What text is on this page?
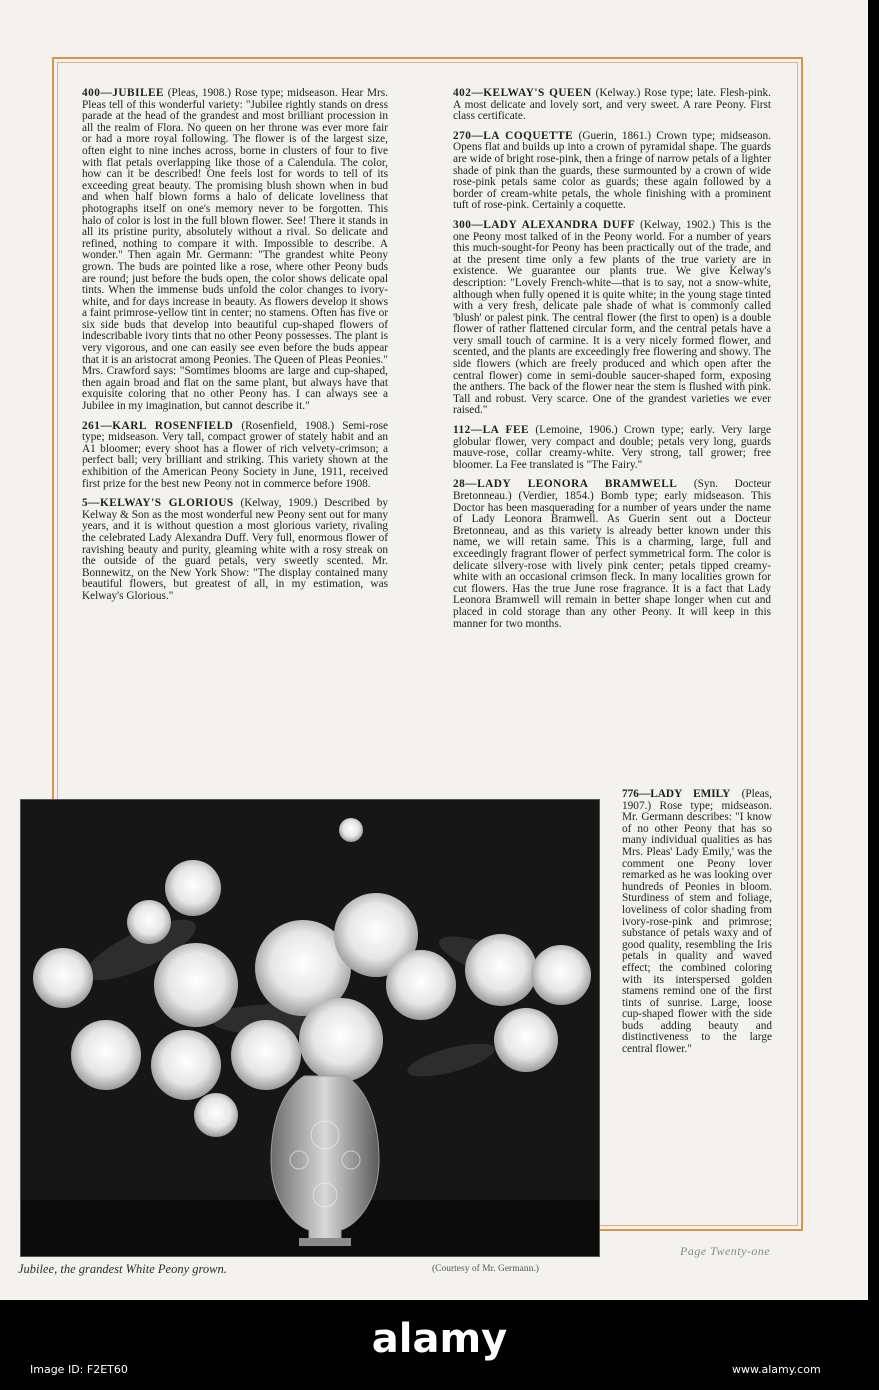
400—JUBILEE (Pleas, 1908.) Rose type; midseason. Hear Mrs. Pleas tell of this wonderful variety: "Jubilee rightly stands on dress parade at the head of the grandest and most brilliant procession in all the realm of Flora. No queen on her throne was ever more fair or had a more royal following. The flower is of the largest size, often eight to nine inches across, borne in clusters of four to five with flat petals overlapping like those of a Calendula. The color, how can it be described! One feels lost for words to tell of its exceeding great beauty. The promising blush shown when in bud and when half blown forms a halo of delicate loveliness that photographs itself on one's memory never to be forgotten. This halo of color is lost in the full blown flower. See! There it stands in all its pristine purity, absolutely without a rival. So delicate and refined, nothing to compare it with. Impossible to describe. A wonder." Then again Mr. Germann: "The grandest white Peony grown. The buds are pointed like a rose, where other Peony buds are round; just before the buds open, the color shows delicate opal tints. When the immense buds unfold the color changes to ivory-white, and for days increase in beauty. As flowers develop it shows a faint primrose-yellow tint in center; no stamens. Often has five or six side buds that develop into beautiful cup-shaped flowers of indescribable ivory tints that no other Peony possesses. The plant is very vigorous, and one can easily see even before the buds appear that it is an aristocrat among Peonies. The Queen of Pleas Peonies." Mrs. Crawford says: "Somtimes blooms are large and cup-shaped, then again broad and flat on the same plant, but always have that exquisite coloring that no other Peony has. I can always see a Jubilee in my imagination, but cannot describe it."

261—KARL ROSENFIELD (Rosenfield, 1908.) Semi-rose type; midseason. Very tall, compact grower of stately habit and an A1 bloomer; every shoot has a flower of rich velvety-crimson; a perfect ball; very brilliant and striking. This variety shown at the exhibition of the American Peony Society in June, 1911, received first prize for the best new Peony not in commerce before 1908.

5—KELWAY'S GLORIOUS (Kelway, 1909.) Described by Kelway & Son as the most wonderful new Peony sent out for many years, and it is without question a most glorious variety, rivaling the celebrated Lady Alexandra Duff. Very full, enormous flower of ravishing beauty and purity, gleaming white with a rosy streak on the outside of the guard petals, very sweetly scented. Mr. Bonnewitz, on the New York Show: "The display contained many beautiful flowers, but greatest of all, in my estimation, was Kelway's Glorious."

402—KELWAY'S QUEEN (Kelway.) Rose type; late. Flesh-pink. A most delicate and lovely sort, and very sweet. A rare Peony. First class certificate.

270—LA COQUETTE (Guerin, 1861.) Crown type; midseason. Opens flat and builds up into a crown of pyramidal shape. The guards are wide of bright rose-pink, then a fringe of narrow petals of a lighter shade of pink than the guards, these surmounted by a crown of wide rose-pink petals same color as guards; these again followed by a border of cream-white petals, the whole finishing with a prominent tuft of rose-pink. Certainly a coquette.

300—LADY ALEXANDRA DUFF (Kelway, 1902.) This is the one Peony most talked of in the Peony world. For a number of years this much-sought-for Peony has been practically out of the trade, and at the present time only a few plants of the true variety are in existence. We guarantee our plants true. We give Kelway's description: "Lovely French-white—that is to say, not a snow-white, although when fully opened it is quite white; in the young stage tinted with a very fresh, delicate pale shade of what is commonly called 'blush' or palest pink. The central flower (the first to open) is a double flower of rather flattened circular form, and the central petals have a very small touch of carmine. It is a very nicely formed flower, and scented, and the plants are exceedingly free flowering and showy. The side flowers (which are freely produced and which open after the central flower) come in semi-double saucer-shaped form, exposing the anthers. The back of the flower near the stem is flushed with pink. Tall and robust. Very scarce. One of the grandest varieties we ever raised."

112—LA FEE (Lemoine, 1906.) Crown type; early. Very large globular flower, very compact and double; petals very long, guards mauve-rose, collar creamy-white. Very strong, tall grower; free bloomer. La Fee translated is "The Fairy."

28—LADY LEONORA BRAMWELL (Syn. Docteur Bretonneau.) (Verdier, 1854.) Bomb type; early midseason. This Doctor has been masquerading for a number of years under the name of Lady Leonora Bramwell. As Guerin sent out a Docteur Bretonneau, and as this variety is already better known under this name, we will retain same. This is a charming, large, full and exceedingly fragrant flower of perfect symmetrical form. The color is delicate silvery-rose with lively pink center; petals tipped creamy-white with an occasional crimson fleck. In many localities grown for cut flowers. Has the true June rose fragrance. It is a fact that Lady Leonora Bramwell will remain in better shape longer when cut and placed in cold storage than any other Peony. It will keep in this manner for two months.

776—LADY EMILY (Pleas, 1907.) Rose type; midseason. Mr. Germann describes: "I know of no other Peony that has so many individual qualities as has Mrs. Pleas' Lady Emily,' was the comment one Peony lover remarked as he was looking over hundreds of Peonies in bloom. Sturdiness of stem and foliage, loveliness of color shading from ivory-rose-pink and primrose; substance of petals waxy and of good quality, resembling the Iris petals in quality and waved effect; the combined coloring with its interspersed golden stamens remind one of the first tints of sunrise. Large, loose cup-shaped flower with the side buds adding beauty and distinctiveness to the large central flower."
Page Twenty-one
Jubilee, the grandest White Peony grown.	(Courtesy of Mr. Germann.)
alamy
Image ID: F2ET60	www.alamy.com
